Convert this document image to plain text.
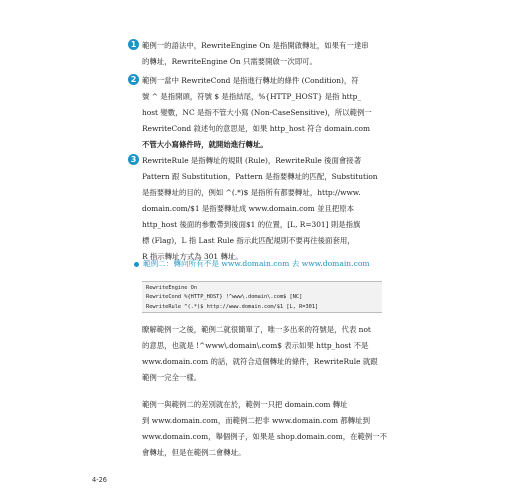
1 範例一的語法中，RewriteEngine On 是指開啟轉址，如果有一達串
的轉址，RewriteEngine On 只需要開啟一次即可。
2 範例一當中 RewriteCond 是指進行轉址的條件 (Condition)，符
號 ^ 是指開頭，符號 $ 是指結尾，%{HTTP_HOST} 是指 http_
host 變數，NC 是指不管大小寫 (Non-CaseSensitive)，所以範例一
RewriteCond 敘述句的意思是，如果 http_host 符合 domain.com
不管大小寫條件時，就開始進行轉址。
3 RewriteRule 是指轉址的規則 (Rule)，RewriteRule 後面會接著
Pattern 跟 Substitution，Pattern 是指要轉址的匹配，Substitution
是指要轉址的目的，例如 ^(.*)$ 是指所有都要轉址，http://www.
domain.com/$1 是指要轉址成 www.domain.com 並且把原本
http_host 後面的參數帶到後面$1 的位置，[L, R=301] 則是指旗
標 (Flag)，L 指 Last Rule 指示此匹配規則不要再往後面套用，
R 指示轉址方式為 301 轉址。
範例二：轉向所有不是 www.domain.com 去 www.domain.com
RewriteEngine On
RewriteCond %{HTTP_HOST} !^www\.domain\.com$ [NC]
RewriteRule ^(.*)$ http://www.domain.com/$1 [L, R=301]
瞭解範例一之後，範例二就很簡單了，唯一多出來的符號是，代表 not
的意思，也就是 !^www\.domain\.com$ 表示如果 http_host 不是
www.domain.com 的話，就符合這個轉址的條件，RewriteRule 就跟
範例一完全一樣。
範例一與範例二的差別就在於，範例一只把 domain.com 轉址
到 www.domain.com，而範例二把非 www.domain.com 都轉址到
www.domain.com，舉個例子，如果是 shop.domain.com，在範例一不
會轉址，但是在範例二會轉址。
4-26
